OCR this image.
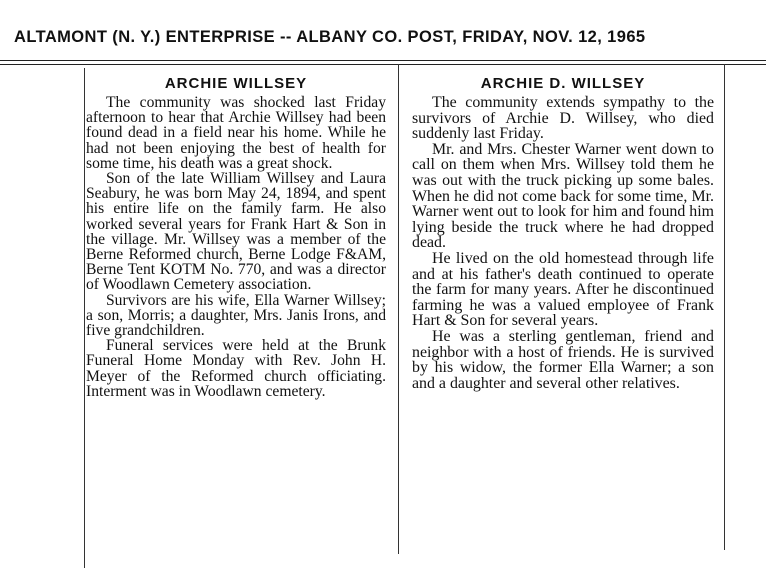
ALTAMONT (N. Y.) ENTERPRISE -- ALBANY CO. POST, FRIDAY, NOV. 12, 1965
ARCHIE WILLSEY

The community was shocked last Friday afternoon to hear that Archie Willsey had been found dead in a field near his home. While he had not been enjoying the best of health for some time, his death was a great shock.

Son of the late William Willsey and Laura Seabury, he was born May 24, 1894, and spent his entire life on the family farm. He also worked several years for Frank Hart & Son in the village. Mr. Willsey was a member of the Berne Reformed church, Berne Lodge F&AM, Berne Tent KOTM No. 770, and was a director of Woodlawn Cemetery association.

Survivors are his wife, Ella Warner Willsey; a son, Morris; a daughter, Mrs. Janis Irons, and five grandchildren.

Funeral services were held at the Brunk Funeral Home Monday with Rev. John H. Meyer of the Reformed church officiating. Interment was in Woodlawn cemetery.

ARCHIE D. WILLSEY

The community extends sympathy to the survivors of Archie D. Willsey, who died suddenly last Friday.

Mr. and Mrs. Chester Warner went down to call on them when Mrs. Willsey told them he was out with the truck picking up some bales. When he did not come back for some time, Mr. Warner went out to look for him and found him lying beside the truck where he had dropped dead.

He lived on the old homestead through life and at his father's death continued to operate the farm for many years. After he discontinued farming he was a valued employee of Frank Hart & Son for several years.

He was a sterling gentleman, friend and neighbor with a host of friends. He is survived by his widow, the former Ella Warner; a son and a daughter and several other relatives.
